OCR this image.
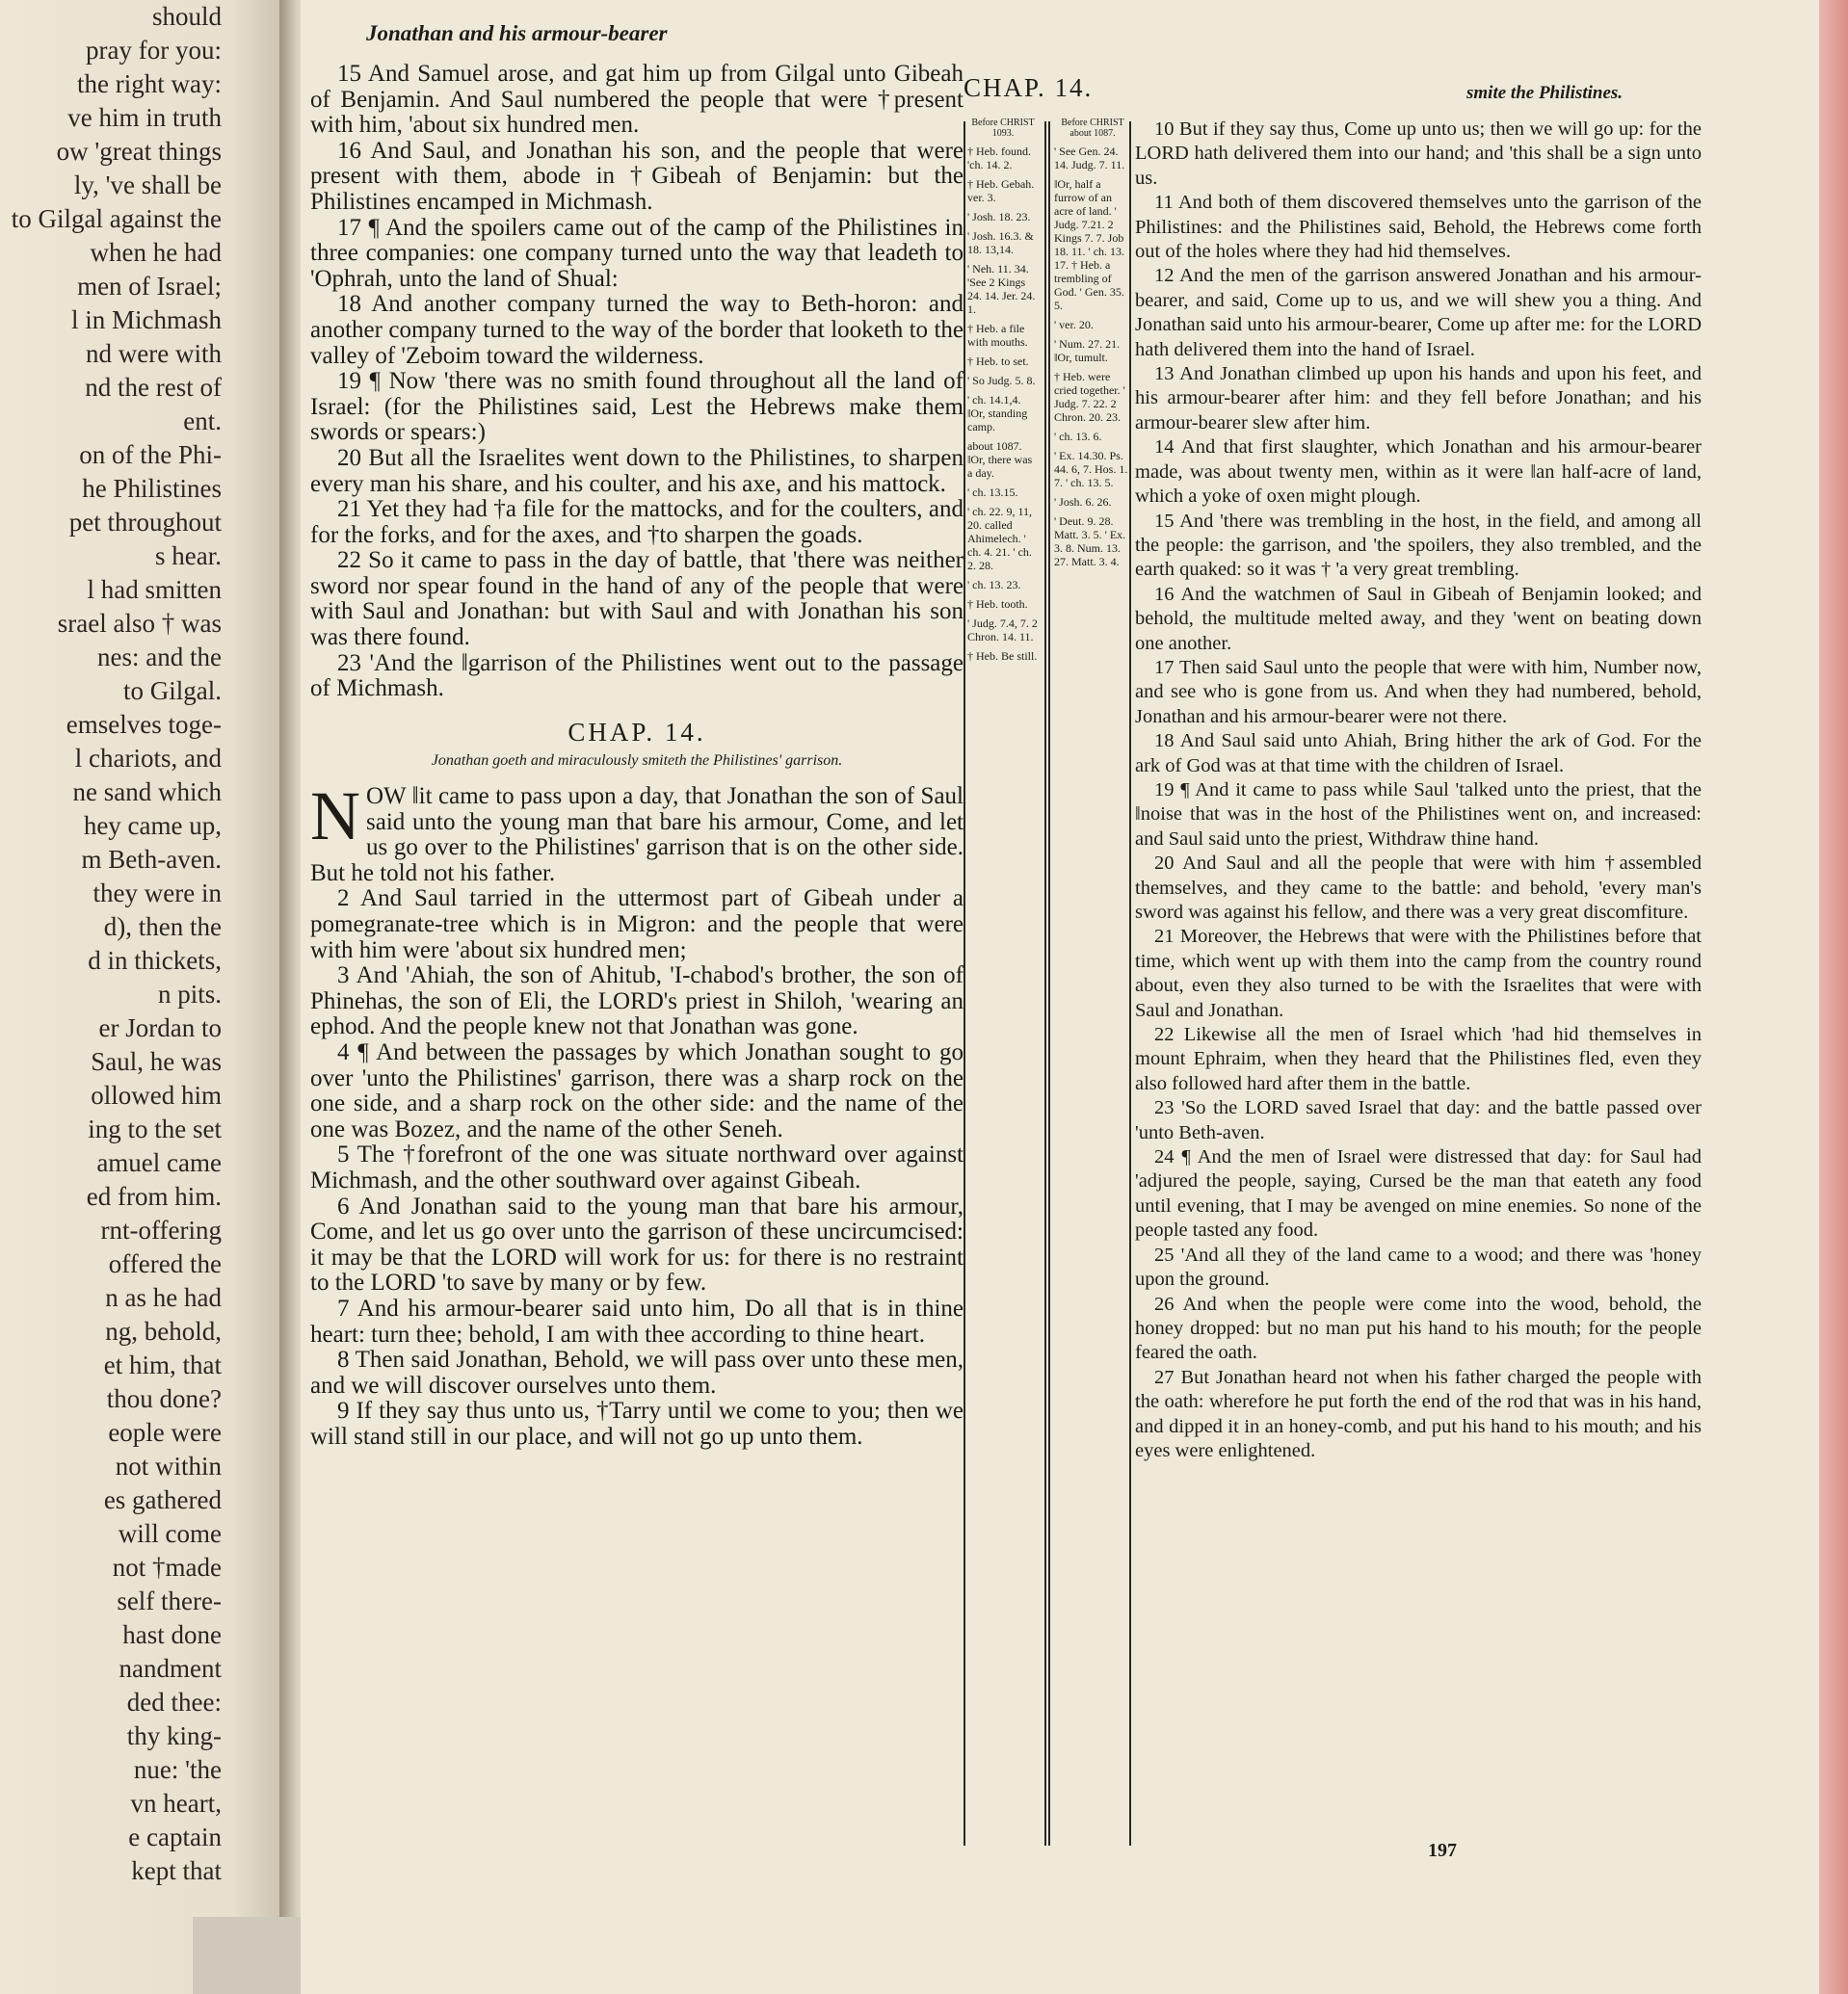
should
pray for you:
the right way:
ve him in truth
ow 'great things
ly, 've shall be
to Gilgal against the
when he had
men of Israel;
l in Michmash
nd were with
nd the rest of
ent.
on of the Phi-
he Philistines
pet throughout
s hear.
l had smitten
srael also † was
nes: and the
to Gilgal.
emselves toge-
l chariots, and
ne sand which
hey came up,
m Beth-aven.
they were in
d), then the
d in thickets,
n pits.
er Jordan to
Saul, he was
ollowed him
ing to the set
amuel came
ed from him.
rnt-offering
offered the
n as he had
ng, behold,
et him, that
thou done?
eople were
not within
es gathered
will come
not †made
self there-
hast done
nandment
ded thee:
thy king-
nue: 'the
vn heart,
e captain
kept that
Jonathan and his armour-bearer
CHAP. 14.	smite the Philistines.

15 And Samuel arose, and gat him up from Gilgal unto Gibeah of Benjamin. And Saul numbered the people that were †present with him, 'about six hundred men.

16 And Saul, and Jonathan his son, and the people that were present with them, abode in †Gibeah of Benjamin: but the Philistines encamped in Michmash.

17 ¶ And the spoilers came out of the camp of the Philistines in three companies: one company turned unto the way that leadeth to 'Ophrah, unto the land of Shual:

18 And another company turned the way to Beth-horon: and another company turned to the way of the border that looketh to the valley of 'Zeboim toward the wilderness.

19 ¶ Now 'there was no smith found throughout all the land of Israel: (for the Philistines said, Lest the Hebrews make them swords or spears:)

20 But all the Israelites went down to the Philistines, to sharpen every man his share, and his coulter, and his axe, and his mattock.

21 Yet they had †a file for the mattocks, and for the coulters, and for the forks, and for the axes, and †to sharpen the goads.

22 So it came to pass in the day of battle, that 'there was neither sword nor spear found in the hand of any of the people that were with Saul and Jonathan: but with Saul and with Jonathan his son was there found.

23 'And the ‖garrison of the Philistines went out to the passage of Michmash.

CHAP. 14.
Jonathan goeth and miraculously smiteth the Philistines' garrison.

NOW ‖it came to pass upon a day, that Jonathan the son of Saul said unto the young man that bare his armour, Come, and let us go over to the Philistines' garrison that is on the other side. But he told not his father.

2 And Saul tarried in the uttermost part of Gibeah under a pomegranate-tree which is in Migron: and the people that were with him were 'about six hundred men;

3 And 'Ahiah, the son of Ahitub, 'I-chabod's brother, the son of Phinehas, the son of Eli, the LORD's priest in Shiloh, 'wearing an ephod. And the people knew not that Jonathan was gone.

4 ¶ And between the passages by which Jonathan sought to go over 'unto the Philistines' garrison, there was a sharp rock on the one side, and a sharp rock on the other side: and the name of the one was Bozez, and the name of the other Seneh.

5 The †forefront of the one was situate northward over against Michmash, and the other southward over against Gibeah.

6 And Jonathan said to the young man that bare his armour, Come, and let us go over unto the garrison of these uncircumcised: it may be that the LORD will work for us: for there is no restraint to the LORD 'to save by many or by few.

7 And his armour-bearer said unto him, Do all that is in thine heart: turn thee; behold, I am with thee according to thine heart.

8 Then said Jonathan, Behold, we will pass over unto these men, and we will discover ourselves unto them.

9 If they say thus unto us, †Tarry until we come to you; then we will stand still in our place, and will not go up unto them.

Before CHRIST 1093.
† Heb. found. 'ch. 14. 2.
† Heb. Gebah. ver. 3.
' Josh. 18. 23.
' Josh. 16.3. & 18. 13,14.
' Neh. 11. 34. 'See 2 Kings 24. 14. Jer. 24. 1.
† Heb. a file with mouths.
† Heb. to set.
' So Judg. 5. 8.
' ch. 14.1,4. ‖Or, standing camp.
about 1087. ‖Or, there was a day.
' ch. 13.15.
' ch. 22. 9, 11, 20. called Ahimelech. ' ch. 4. 21. ' ch. 2. 28.
' ch. 13. 23.
† Heb. tooth.
' Judg. 7.4, 7. 2 Chron. 14. 11.
† Heb. Be still.
Before CHRIST about 1087.
' See Gen. 24. 14. Judg. 7. 11.
‖Or, half a furrow of an acre of land. ' Judg. 7.21. 2 Kings 7. 7. Job 18. 11. ' ch. 13. 17. † Heb. a trembling of God. ' Gen. 35. 5.
' ver. 20.
' Num. 27. 21. ‖Or, tumult.
† Heb. were cried together. ' Judg. 7. 22. 2 Chron. 20. 23.
' ch. 13. 6.
' Ex. 14.30. Ps. 44. 6, 7. Hos. 1. 7. ' ch. 13. 5.
' Josh. 6. 26.
' Deut. 9. 28. Matt. 3. 5. ' Ex. 3. 8. Num. 13. 27. Matt. 3. 4.

10 But if they say thus, Come up unto us; then we will go up: for the LORD hath delivered them into our hand; and 'this shall be a sign unto us.

11 And both of them discovered themselves unto the garrison of the Philistines: and the Philistines said, Behold, the Hebrews come forth out of the holes where they had hid themselves.

12 And the men of the garrison answered Jonathan and his armour-bearer, and said, Come up to us, and we will shew you a thing. And Jonathan said unto his armour-bearer, Come up after me: for the LORD hath delivered them into the hand of Israel.

13 And Jonathan climbed up upon his hands and upon his feet, and his armour-bearer after him: and they fell before Jonathan; and his armour-bearer slew after him.

14 And that first slaughter, which Jonathan and his armour-bearer made, was about twenty men, within as it were ‖an half-acre of land, which a yoke of oxen might plough.

15 And 'there was trembling in the host, in the field, and among all the people: the garrison, and 'the spoilers, they also trembled, and the earth quaked: so it was † 'a very great trembling.

16 And the watchmen of Saul in Gibeah of Benjamin looked; and behold, the multitude melted away, and they 'went on beating down one another.

17 Then said Saul unto the people that were with him, Number now, and see who is gone from us. And when they had numbered, behold, Jonathan and his armour-bearer were not there.

18 And Saul said unto Ahiah, Bring hither the ark of God. For the ark of God was at that time with the children of Israel.

19 ¶ And it came to pass while Saul 'talked unto the priest, that the ‖noise that was in the host of the Philistines went on, and increased: and Saul said unto the priest, Withdraw thine hand.

20 And Saul and all the people that were with him †assembled themselves, and they came to the battle: and behold, 'every man's sword was against his fellow, and there was a very great discomfiture.

21 Moreover, the Hebrews that were with the Philistines before that time, which went up with them into the camp from the country round about, even they also turned to be with the Israelites that were with Saul and Jonathan.

22 Likewise all the men of Israel which 'had hid themselves in mount Ephraim, when they heard that the Philistines fled, even they also followed hard after them in the battle.

23 'So the LORD saved Israel that day: and the battle passed over 'unto Beth-aven.

24 ¶ And the men of Israel were distressed that day: for Saul had 'adjured the people, saying, Cursed be the man that eateth any food until evening, that I may be avenged on mine enemies. So none of the people tasted any food.

25 'And all they of the land came to a wood; and there was 'honey upon the ground.

26 And when the people were come into the wood, behold, the honey dropped: but no man put his hand to his mouth; for the people feared the oath.

27 But Jonathan heard not when his father charged the people with the oath: wherefore he put forth the end of the rod that was in his hand, and dipped it in an honey-comb, and put his hand to his mouth; and his eyes were enlightened.

197
